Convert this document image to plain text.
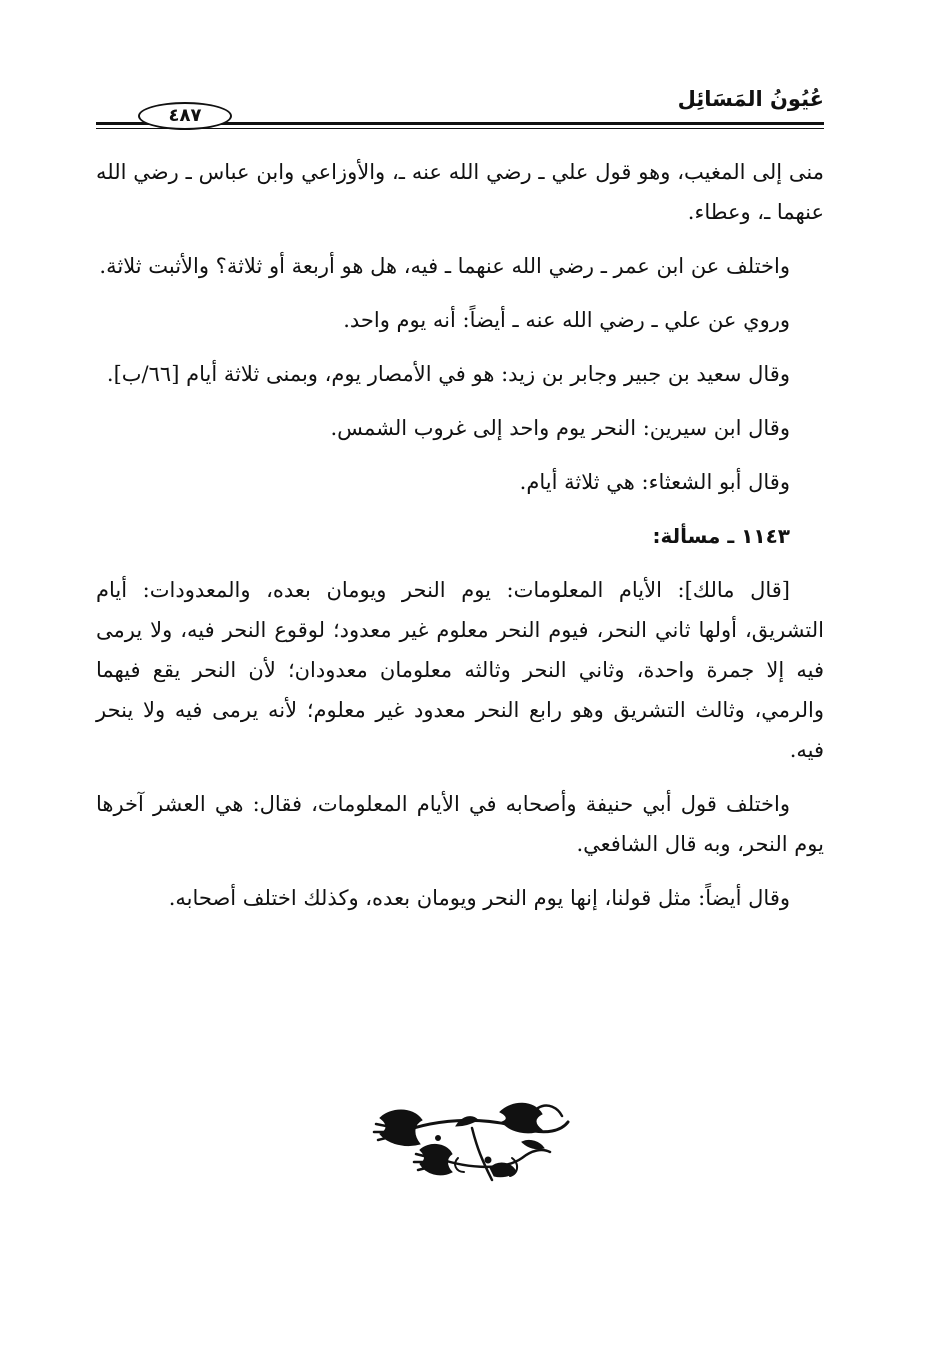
عُيُونُ المَسَائِل
٤٨٧

منى إلى المغيب، وهو قول علي ـ رضي الله عنه ـ، والأوزاعي وابن عباس ـ رضي الله عنهما ـ، وعطاء.

واختلف عن ابن عمر ـ رضي الله عنهما ـ فيه، هل هو أربعة أو ثلاثة؟ والأثبت ثلاثة.

وروي عن علي ـ رضي الله عنه ـ أيضاً: أنه يوم واحد.

وقال سعيد بن جبير وجابر بن زيد: هو في الأمصار يوم، وبمنى ثلاثة أيام [٦٦/ب].

وقال ابن سيرين: النحر يوم واحد إلى غروب الشمس.

وقال أبو الشعثاء: هي ثلاثة أيام.

١١٤٣ ـ مسألة:

[قال مالك]: الأيام المعلومات: يوم النحر ويومان بعده، والمعدودات: أيام التشريق، أولها ثاني النحر، فيوم النحر معلوم غير معدود؛ لوقوع النحر فيه، ولا يرمى فيه إلا جمرة واحدة، وثاني النحر وثالثه معلومان معدودان؛ لأن النحر يقع فيهما والرمي، وثالث التشريق وهو رابع النحر معدود غير معلوم؛ لأنه يرمى فيه ولا ينحر فيه.

واختلف قول أبي حنيفة وأصحابه في الأيام المعلومات، فقال: هي العشر آخرها يوم النحر، وبه قال الشافعي.

وقال أيضاً: مثل قولنا، إنها يوم النحر ويومان بعده، وكذلك اختلف أصحابه.
